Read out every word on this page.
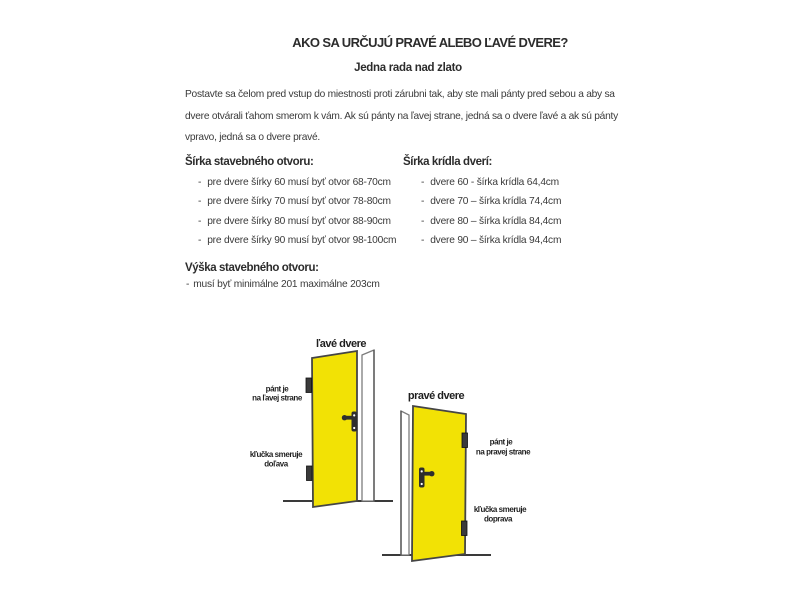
AKO SA URČUJÚ PRAVÉ ALEBO ĽAVÉ DVERE?
Jedna rada nad zlato
Postavte sa čelom pred vstup do miestnosti proti zárubni tak, aby ste mali pánty pred sebou a aby sa
dvere otvárali ťahom smerom k vám. Ak sú pánty na ľavej strane, jedná sa o dvere ľavé a ak sú pánty
vpravo, jedná sa o dvere pravé.
Šírka stavebného otvoru:
- pre dvere šírky 60 musí byť otvor 68-70cm
- pre dvere šírky 70 musí byť otvor 78-80cm
- pre dvere šírky 80 musí byť otvor 88-90cm
- pre dvere šírky 90 musí byť otvor 98-100cm
Šírka krídla dverí:
- dvere 60 - šírka krídla 64,4cm
- dvere 70 – šírka krídla 74,4cm
- dvere 80 – šírka krídla 84,4cm
- dvere 90 – šírka krídla 94,4cm
Výška stavebného otvoru:
- musí byť minimálne 201 maximálne 203cm
ľavé dvere
pánt je
na ľavej strane
kľučka smeruje
doľava
pravé dvere
pánt je
na pravej strane
kľučka smeruje
doprava
